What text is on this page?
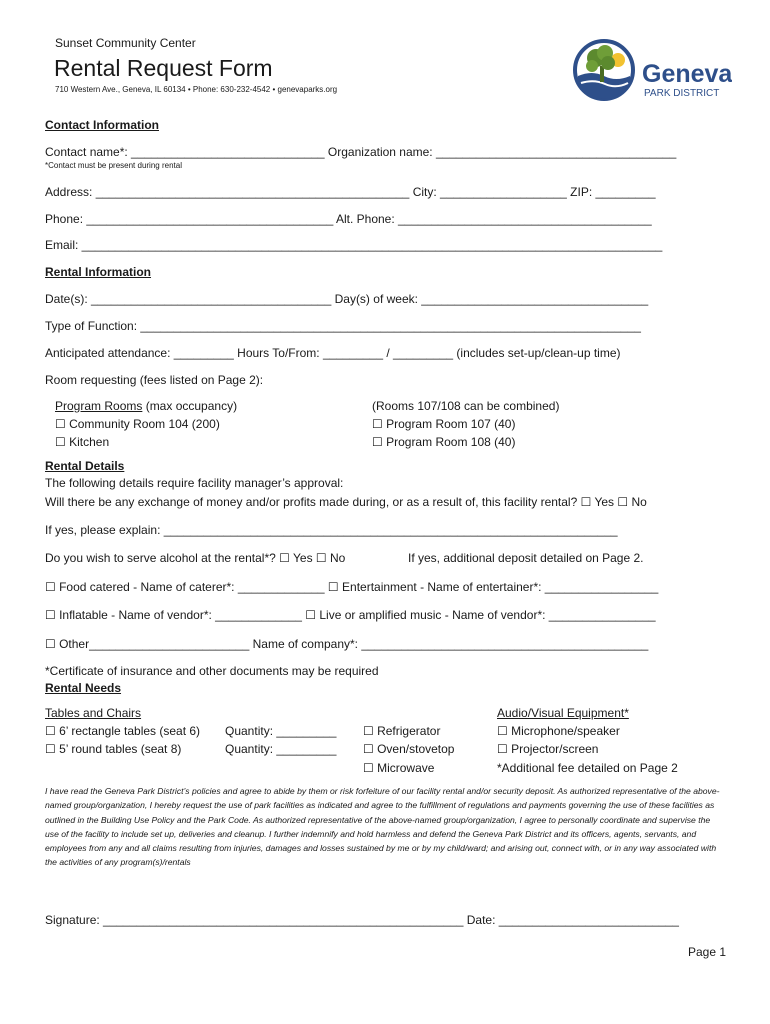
Sunset Community Center
Rental Request Form
710 Western Ave., Geneva, IL 60134 • Phone: 630-232-4542 • genevaparks.org
Geneva
PARK DISTRICT
Contact Information
Contact name*: _____________________________ Organization name: ____________________________________
*Contact must be present during rental
Address: _______________________________________________ City: ___________________ ZIP: _________
Phone: _____________________________________ Alt. Phone: ______________________________________
Email: _______________________________________________________________________________________
Rental Information
Date(s): ____________________________________ Day(s) of week: __________________________________
Type of Function: ___________________________________________________________________________
Anticipated attendance: _________ Hours To/From: _________ / _________ (includes set-up/clean-up time)
Room requesting (fees listed on Page 2):
Program Rooms (max occupancy)	(Rooms 107/108 can be combined)
☐ Community Room 104 (200)
☐ Kitchen
☐ Program Room 107 (40)
☐ Program Room 108 (40)
Rental Details
The following details require facility manager’s approval:
Will there be any exchange of money and/or profits made during, or as a result of, this facility rental? ☐ Yes ☐ No
If yes, please explain: ____________________________________________________________________
Do you wish to serve alcohol at the rental*? ☐ Yes ☐ No	If yes, additional deposit detailed on Page 2.
☐ Food catered - Name of caterer*: _____________ ☐ Entertainment - Name of entertainer*: _________________
☐ Inflatable - Name of vendor*: _____________ ☐ Live or amplified music - Name of vendor*: ________________
☐ Other________________________ Name of company*: ___________________________________________
*Certificate of insurance and other documents may be required
Rental Needs
Tables and Chairs
☐ 6’ rectangle tables (seat 6)
☐ 5’ round tables (seat 8)
Quantity: _________
Quantity: _________
☐ Refrigerator
☐ Oven/stovetop
☐ Microwave
Audio/Visual Equipment*
☐ Microphone/speaker
☐ Projector/screen
*Additional fee detailed on Page 2
I have read the Geneva Park District’s policies and agree to abide by them or risk forfeiture of our facility rental and/or security deposit. As authorized representative of the above-named group/organization, I hereby request the use of park facilities as indicated and agree to the fulfillment of regulations and payments governing the use of these facilities as outlined in the Building Use Policy and the Park Code. As authorized representative of the above-named group/organization, I agree to personally coordinate and supervise the use of the facility to include set up, deliveries and cleanup. I further indemnify and hold harmless and defend the Geneva Park District and its officers, agents, servants, and employees from any and all claims resulting from injuries, damages and losses sustained by me or by my child/ward; and arising out, connect with, or in any way associated with the activities of any program(s)/rentals
Signature: ______________________________________________________ Date: ___________________________
Page 1
